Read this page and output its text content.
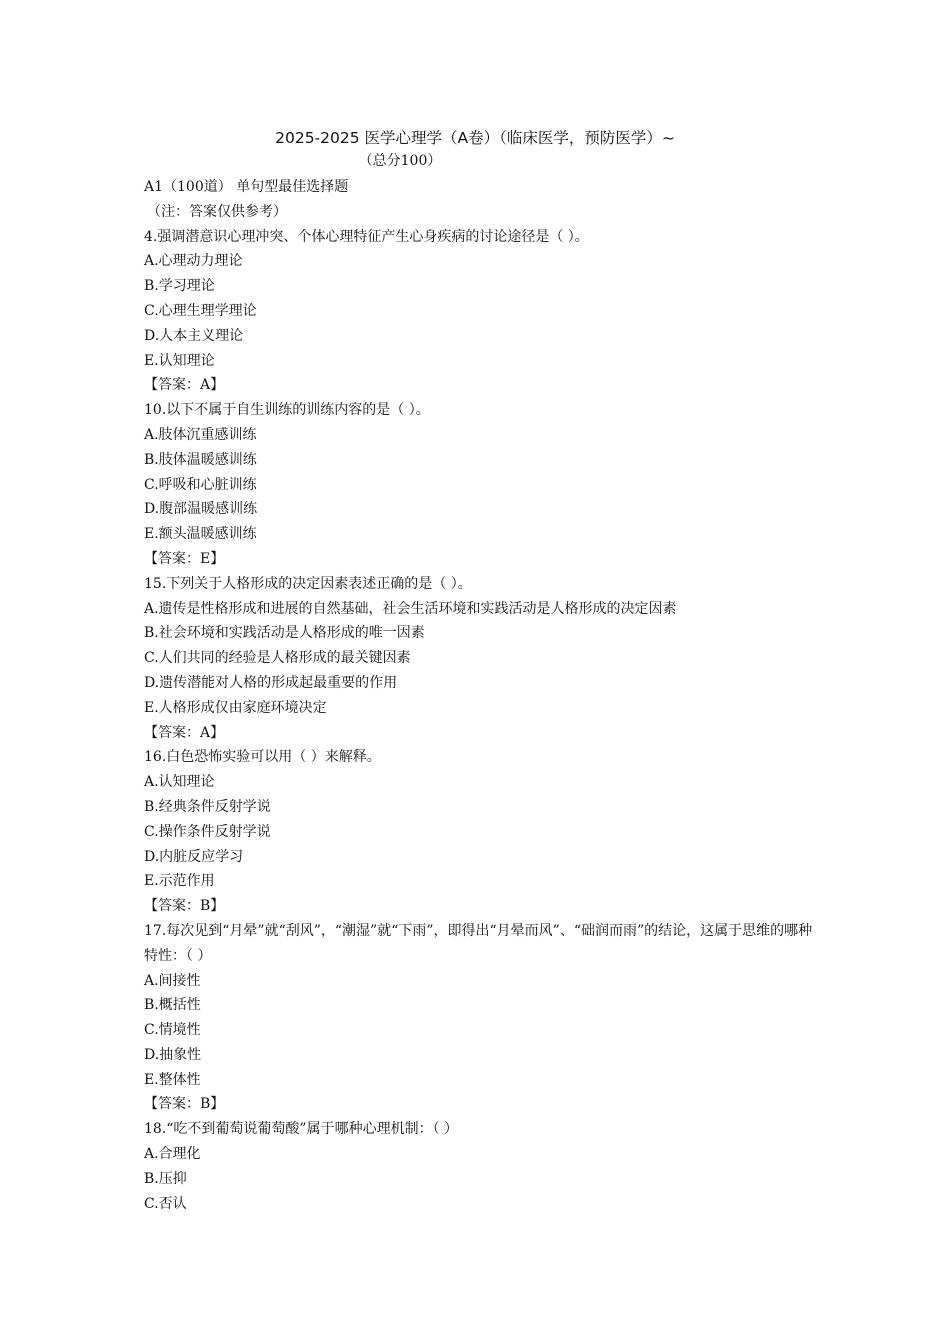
2025-2025 医学心理学（A卷）（临床医学，预防医学）~
（总分100）
A1（100道） 单句型最佳选择题
（注：答案仅供参考）
4.强调潜意识心理冲突、个体心理特征产生心身疾病的讨论途径是（ ）。
A.心理动力理论
B.学习理论
C.心理生理学理论
D.人本主义理论
E.认知理论
【答案：A】
10.以下不属于自生训练的训练内容的是（ ）。
A.肢体沉重感训练
B.肢体温暖感训练
C.呼吸和心脏训练
D.腹部温暖感训练
E.额头温暖感训练
【答案：E】
15.下列关于人格形成的决定因素表述正确的是（ ）。
A.遗传是性格形成和进展的自然基础，社会生活环境和实践活动是人格形成的决定因素
B.社会环境和实践活动是人格形成的唯一因素
C.人们共同的经验是人格形成的最关键因素
D.遗传潜能对人格的形成起最重要的作用
E.人格形成仅由家庭环境决定
【答案：A】
16.白色恐怖实验可以用（ ）来解释。
A.认知理论
B.经典条件反射学说
C.操作条件反射学说
D.内脏反应学习
E.示范作用
【答案：B】
17.每次见到“月晕”就“刮风”，“潮湿”就“下雨”，即得出“月晕而风”、“础润而雨”的结论，这属于思维的哪种特性：（ ）
A.间接性
B.概括性
C.情境性
D.抽象性
E.整体性
【答案：B】
18.“吃不到葡萄说葡萄酸”属于哪种心理机制：（ ）
A.合理化
B.压抑
C.否认
